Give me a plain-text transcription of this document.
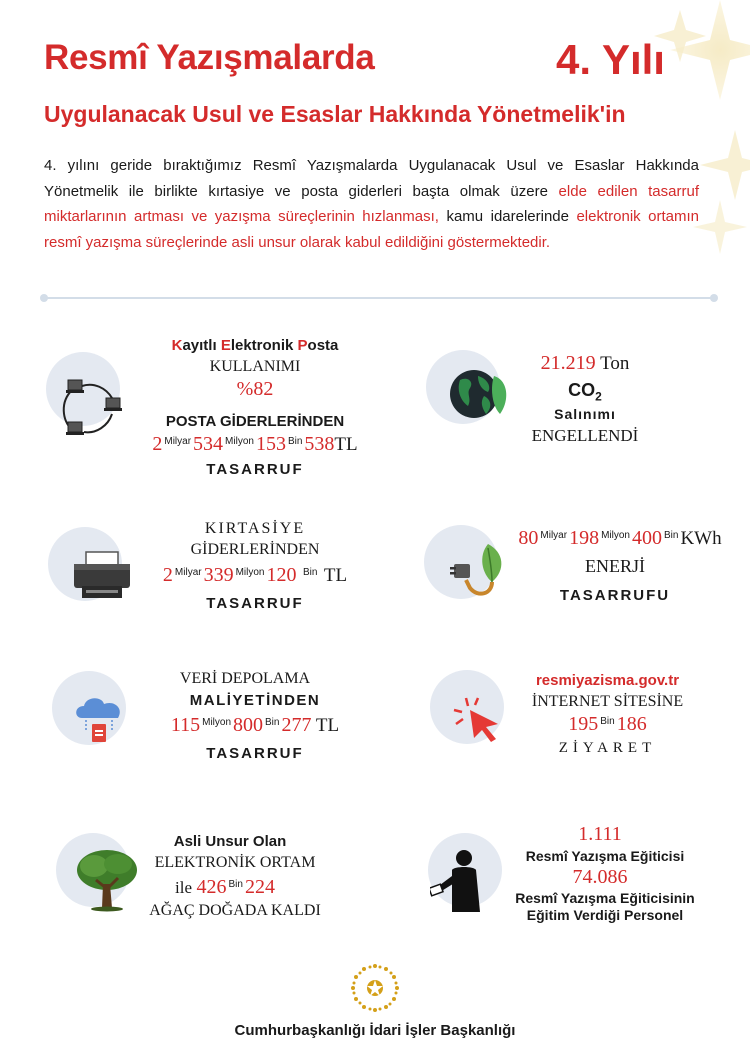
Resmî Yazışmalarda	4. Yılı
Uygulanacak Usul ve Esaslar Hakkında Yönetmelik'in

4. yılını geride bıraktığımız Resmî Yazışmalarda Uygulanacak Usul ve Esaslar Hakkında Yönetmelik ile birlikte kırtasiye ve posta giderleri başta olmak üzere elde edilen tasarruf miktarlarının artması ve yazışma süreçlerinin hızlanması, kamu idarelerinde elektronik ortamın resmî yazışma süreçlerinde asli unsur olarak kabul edildiğini göstermektedir.

Kayıtlı Elektronik Posta
KULLANIMI
%82
POSTA GİDERLERİNDEN
2 $^{Milyar}$ 534 $^{Milyon}$ 153 $^{Bin}$ 538TL
TASARRUF
21.219 Ton
$CO_2$
Salınımı
ENGELLENDİ
KIRTASİYE
GİDERLERİNDEN
2 $^{Milyar}$ 339 $^{Milyon}$ 120 $^{Bin}$ TL
TASARRUF
80 $^{Milyar}$ 198 $^{Milyon}$ 400 $^{Bin}$ KWh
ENERJİ
TASARRUFU
VERİ DEPOLAMA
MALİYETİNDEN
115 $^{Milyon}$ 800 $^{Bin}$ 277 TL
TASARRUF
resmiyazisma.gov.tr
İNTERNET SİTESİNE
195 $^{Bin}$ 186
ZİYARET
Asli Unsur Olan
ELEKTRONİK ORTAM
ile 426 $^{Bin}$ 224
AĞAÇ DOĞADA KALDI
1.111
Resmî Yazışma Eğiticisi
74.086
Resmî Yazışma Eğiticisinin
Eğitim Verdiği Personel
Cumhurbaşkanlığı İdari İşler Başkanlığı
